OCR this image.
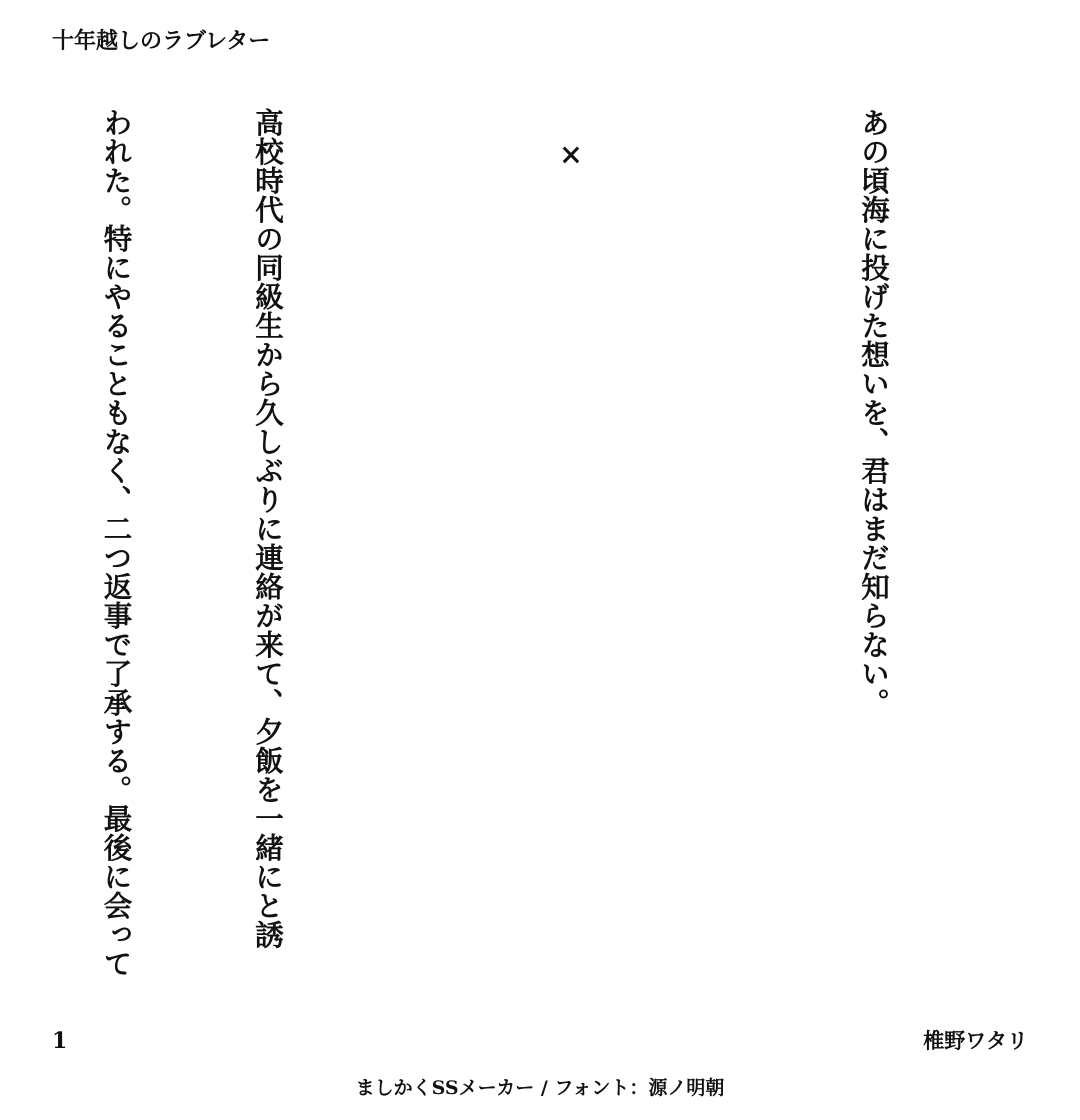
十年越しのラブレター

あの頃海に投げた想いを、君はまだ知らない。

　×

高校時代の同級生から久しぶりに連絡が来て、夕飯を一緒にと誘

われた。特にやることもなく、二つ返事で了承する。最後に会って

1	椎野ワタリ
ましかくSSメーカー / フォント：源ノ明朝
